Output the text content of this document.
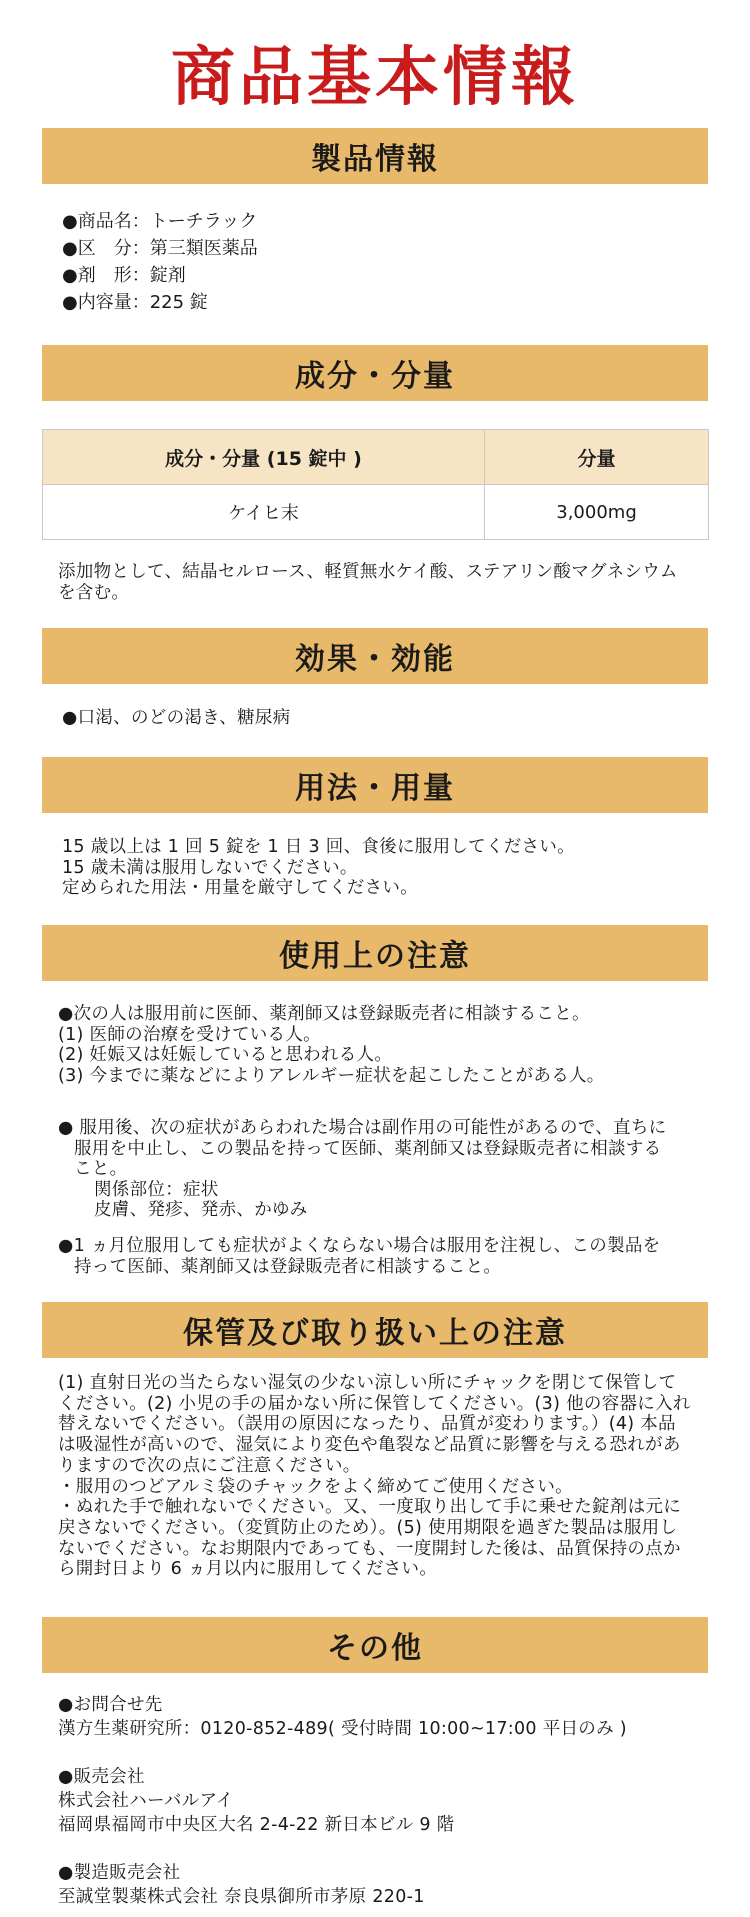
商品基本情報
製品情報
●商品名：トーチラック
●区　分：第三類医薬品
●剤　形：錠剤
●内容量：225 錠
成分・分量
成分・分量 (15 錠中 )	分量
ケイヒ末	3,000mg
添加物として、結晶セルロース、軽質無水ケイ酸、ステアリン酸マグネシウム
を含む。
効果・効能
●口渇、のどの渇き、糖尿病
用法・用量
15 歳以上は 1 回 5 錠を 1 日 3 回、食後に服用してください。
15 歳未満は服用しないでください。
定められた用法・用量を厳守してください。
使用上の注意
●次の人は服用前に医師、薬剤師又は登録販売者に相談すること。
(1) 医師の治療を受けている人。
(2) 妊娠又は妊娠していると思われる人。
(3) 今までに薬などによりアレルギー症状を起こしたことがある人。
● 服用後、次の症状があらわれた場合は副作用の可能性があるので、直ちに
服用を中止し、この製品を持って医師、薬剤師又は登録販売者に相談する
こと。
関係部位：症状
皮膚、発疹、発赤、かゆみ
●1 ヵ月位服用しても症状がよくならない場合は服用を注視し、この製品を
持って医師、薬剤師又は登録販売者に相談すること。
保管及び取り扱い上の注意
(1) 直射日光の当たらない湿気の少ない涼しい所にチャックを閉じて保管して
ください。(2) 小児の手の届かない所に保管してください。(3) 他の容器に入れ
替えないでください。（誤用の原因になったり、品質が変わります。）(4) 本品
は吸湿性が高いので、湿気により変色や亀裂など品質に影響を与える恐れがあ
りますので次の点にご注意ください。
・服用のつどアルミ袋のチャックをよく締めてご使用ください。
・ぬれた手で触れないでください。又、一度取り出して手に乗せた錠剤は元に
戻さないでください。（変質防止のため）。(5) 使用期限を過ぎた製品は服用し
ないでください。なお期限内であっても、一度開封した後は、品質保持の点か
ら開封日より 6 ヵ月以内に服用してください。
その他
●お問合せ先
漢方生薬研究所：0120-852-489( 受付時間 10:00~17:00 平日のみ )
●販売会社
株式会社ハーバルアイ
福岡県福岡市中央区大名 2-4-22 新日本ビル 9 階
●製造販売会社
至誠堂製薬株式会社 奈良県御所市茅原 220-1
